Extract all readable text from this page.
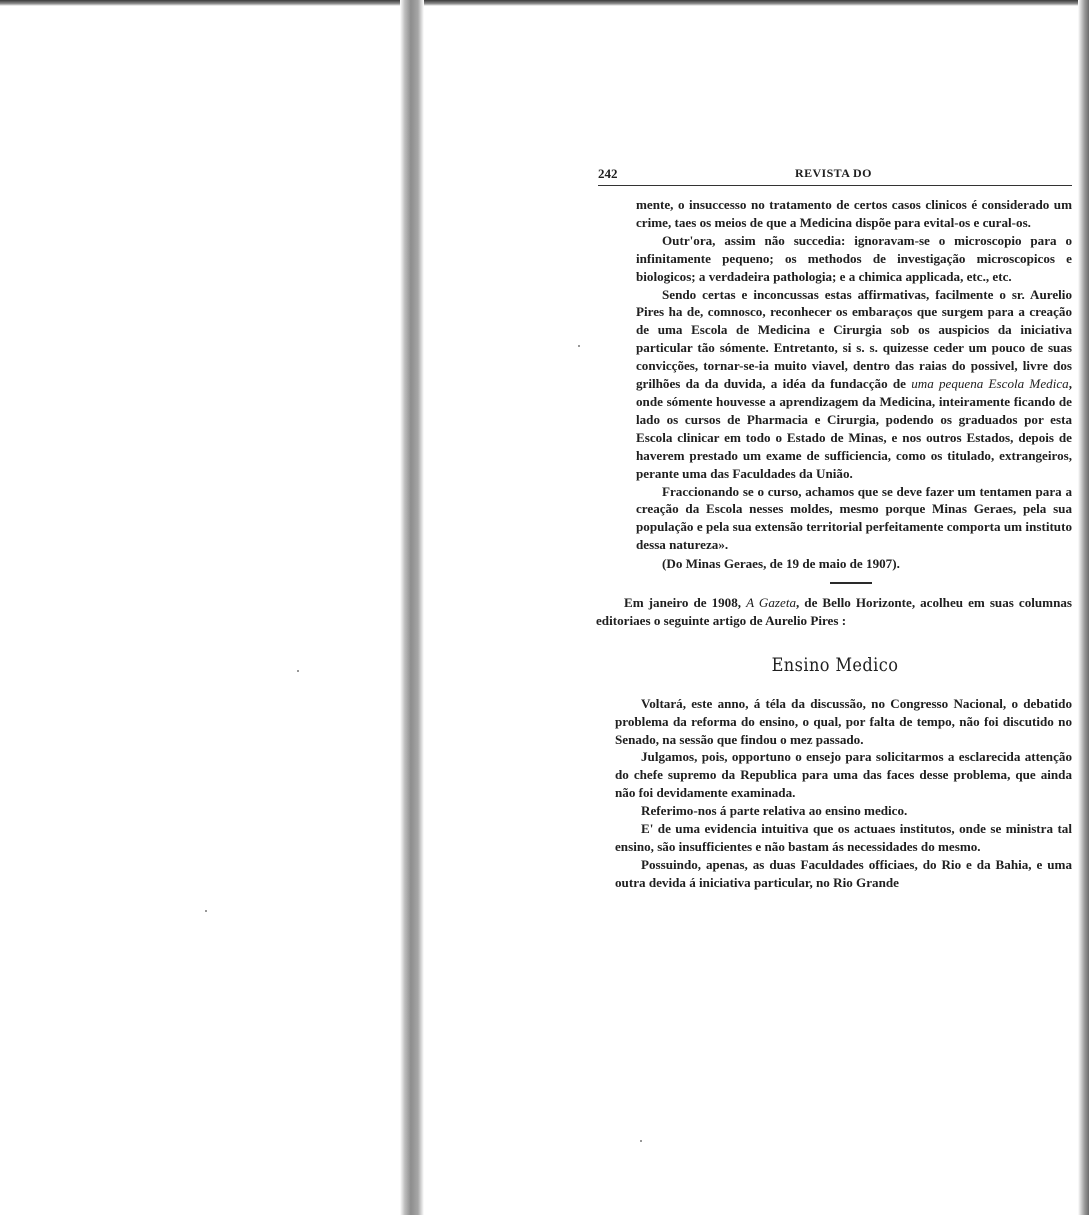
242	REVISTA DO

mente, o insuccesso no tratamento de certos casos clinicos é considerado um crime, taes os meios de que a Medicina dispõe para evital-os e cural-os.

Outr'ora, assim não succedia: ignoravam-se o microscopio para o infinitamente pequeno; os methodos de investigação microscopicos e biologicos; a verdadeira pathologia; e a chimica applicada, etc., etc.

Sendo certas e inconcussas estas affirmativas, facilmente o sr. Aurelio Pires ha de, comnosco, reconhecer os embaraços que surgem para a creação de uma Escola de Medicina e Cirurgia sob os auspicios da iniciativa particular tão sómente. Entretanto, si s. s. quizesse ceder um pouco de suas convicções, tornar-se-ia muito viavel, dentro das raias do possivel, livre dos grilhões da da duvida, a idéa da fundacção de uma pequena Escola Medica, onde sómente houvesse a aprendizagem da Medicina, inteiramente ficando de lado os cursos de Pharmacia e Cirurgia, podendo os graduados por esta Escola clinicar em todo o Estado de Minas, e nos outros Estados, depois de haverem prestado um exame de sufficiencia, como os titulado, extrangeiros, perante uma das Faculdades da União.

Fraccionando se o curso, achamos que se deve fazer um tentamen para a creação da Escola nesses moldes, mesmo porque Minas Geraes, pela sua população e pela sua extensão territorial perfeitamente comporta um instituto dessa natureza».

(Do Minas Geraes, de 19 de maio de 1907).

Em janeiro de 1908, A Gazeta, de Bello Horizonte, acolheu em suas columnas editoriaes o seguinte artigo de Aurelio Pires :

Ensino Medico

Voltará, este anno, á téla da discussão, no Congresso Nacional, o debatido problema da reforma do ensino, o qual, por falta de tempo, não foi discutido no Senado, na sessão que findou o mez passado.

Julgamos, pois, opportuno o ensejo para solicitarmos a esclarecida attenção do chefe supremo da Republica para uma das faces desse problema, que ainda não foi devidamente examinada.

Referimo-nos á parte relativa ao ensino medico.

E' de uma evidencia intuitiva que os actuaes institutos, onde se ministra tal ensino, são insufficientes e não bastam ás necessidades do mesmo.

Possuindo, apenas, as duas Faculdades officiaes, do Rio e da Bahia, e uma outra devida á iniciativa particular, no Rio Grande
